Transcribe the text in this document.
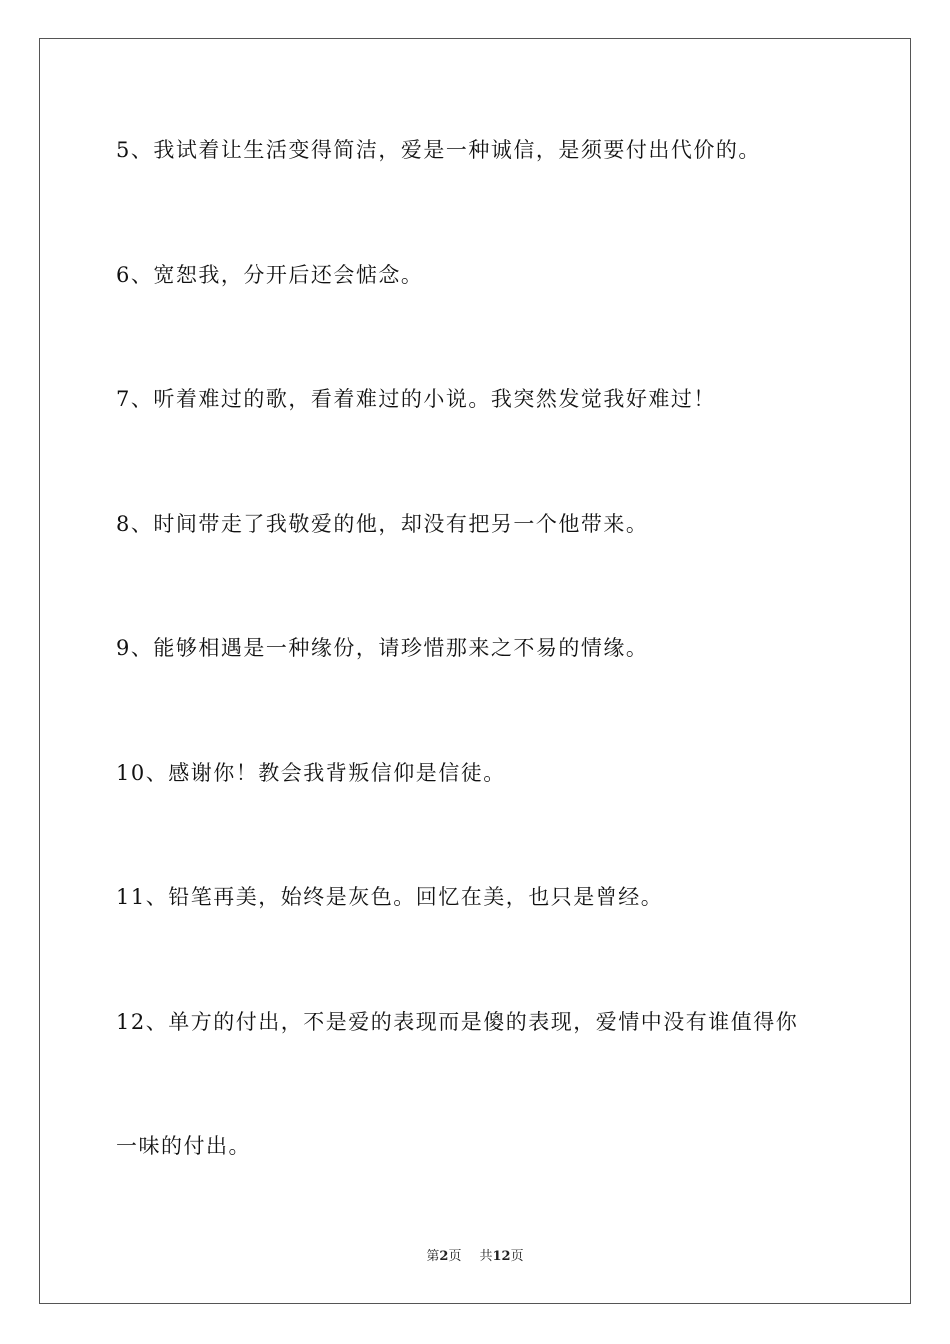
5、我试着让生活变得简洁，爱是一种诚信，是须要付出代价的。
6、宽恕我，分开后还会惦念。
7、听着难过的歌，看着难过的小说。我突然发觉我好难过！
8、时间带走了我敬爱的他，却没有把另一个他带来。
9、能够相遇是一种缘份，请珍惜那来之不易的情缘。
10、感谢你！教会我背叛信仰是信徒。
11、铅笔再美，始终是灰色。回忆在美，也只是曾经。
12、单方的付出，不是爱的表现而是傻的表现，爱情中没有谁值得你
一味的付出。
第2页 共12页
